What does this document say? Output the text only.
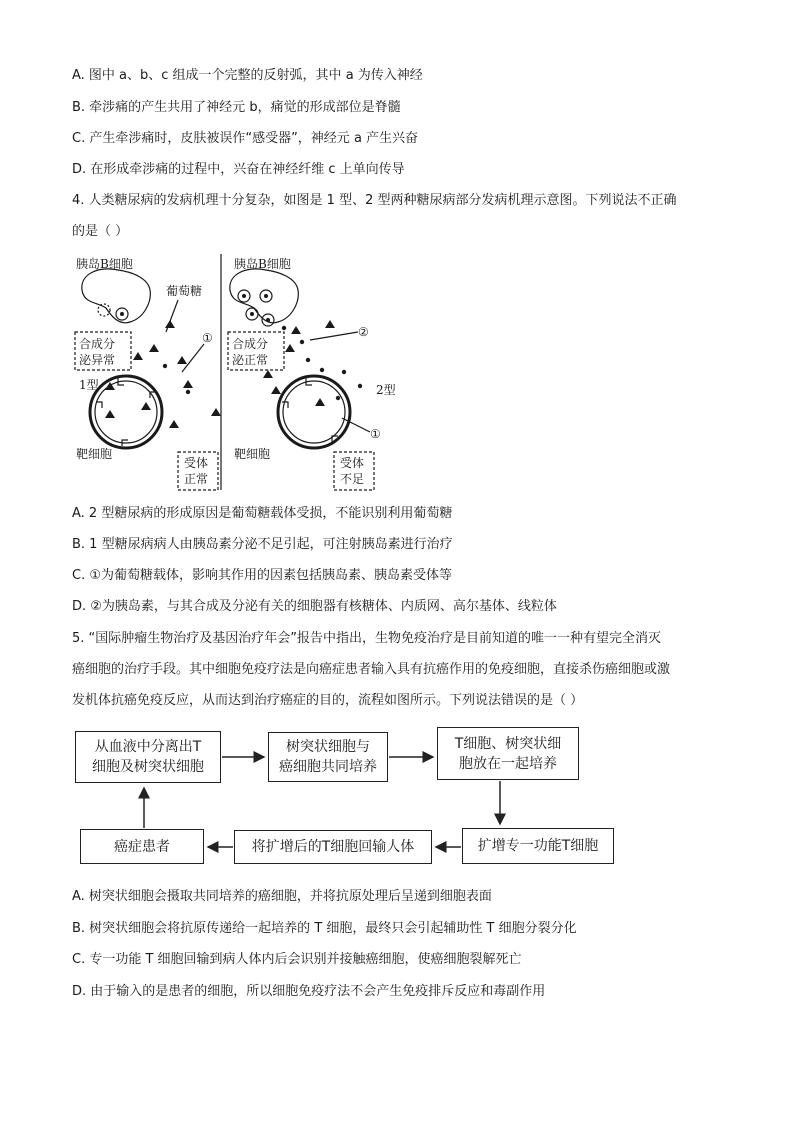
A. 图中 a、b、c 组成一个完整的反射弧，其中 a 为传入神经
B. 牵涉痛的产生共用了神经元 b，痛觉的形成部位是脊髓
C. 产生牵涉痛时，皮肤被误作“感受器”，神经元 a 产生兴奋
D. 在形成牵涉痛的过程中，兴奋在神经纤维 c 上单向传导
4. 人类糖尿病的发病机理十分复杂，如图是 1 型、2 型两种糖尿病部分发病机理示意图。下列说法不正确
的是（ ）
胰岛B细胞	胰岛B细胞
葡萄糖
合成分
泌异常
合成分
泌正常
1型	2型
靶细胞	靶细胞
受体
正常
受体
不足
①	②
①
A. 2 型糖尿病的形成原因是葡萄糖载体受损，不能识别利用葡萄糖
B. 1 型糖尿病病人由胰岛素分泌不足引起，可注射胰岛素进行治疗
C. ①为葡萄糖载体，影响其作用的因素包括胰岛素、胰岛素受体等
D. ②为胰岛素，与其合成及分泌有关的细胞器有核糖体、内质网、高尔基体、线粒体
5. “国际肿瘤生物治疗及基因治疗年会”报告中指出，生物免疫治疗是目前知道的唯一一种有望完全消灭
癌细胞的治疗手段。其中细胞免疫疗法是向癌症患者输入具有抗癌作用的免疫细胞，直接杀伤癌细胞或激
发机体抗癌免疫反应，从而达到治疗癌症的目的，流程如图所示。下列说法错误的是（ ）
从血液中分离出T
细胞及树突状细胞
树突状细胞与
癌细胞共同培养
T细胞、树突状细
胞放在一起培养
扩增专一功能T细胞
将扩增后的T细胞回输人体
癌症患者
A. 树突状细胞会摄取共同培养的癌细胞，并将抗原处理后呈递到细胞表面
B. 树突状细胞会将抗原传递给一起培养的 T 细胞，最终只会引起辅助性 T 细胞分裂分化
C. 专一功能 T 细胞回输到病人体内后会识别并接触癌细胞，使癌细胞裂解死亡
D. 由于输入的是患者的细胞，所以细胞免疫疗法不会产生免疫排斥反应和毒副作用
